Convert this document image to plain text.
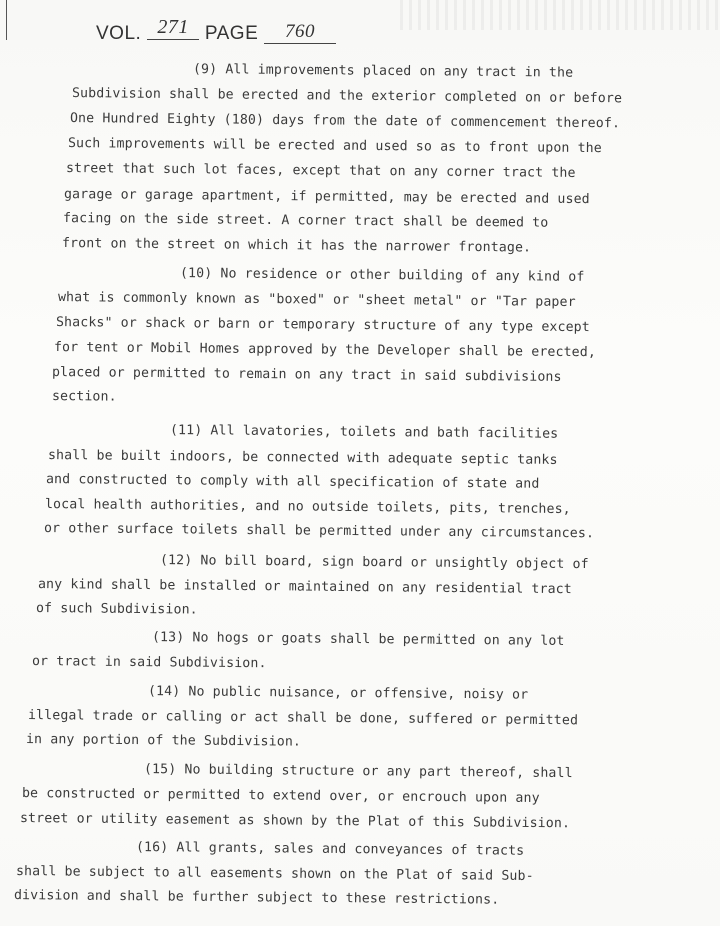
VOL. 271 PAGE 760
(9) All improvements placed on any tract in the
Subdivision shall be erected and the exterior completed on or before
One Hundred Eighty (180) days from the date of commencement thereof.
Such improvements will be erected and used so as to front upon the
street that such lot faces, except that on any corner tract the
garage or garage apartment, if permitted, may be erected and used
facing on the side street. A corner tract shall be deemed to
front on the street on which it has the narrower frontage.
(10) No residence or other building of any kind of
what is commonly known as "boxed" or "sheet metal" or "Tar paper
Shacks" or shack or barn or temporary structure of any type except
for tent or Mobil Homes approved by the Developer shall be erected,
placed or permitted to remain on any tract in said subdivisions
section.
(11) All lavatories, toilets and bath facilities
shall be built indoors, be connected with adequate septic tanks
and constructed to comply with all specification of state and
local health authorities, and no outside toilets, pits, trenches,
or other surface toilets shall be permitted under any circumstances.
(12) No bill board, sign board or unsightly object of
any kind shall be installed or maintained on any residential tract
of such Subdivision.
(13) No hogs or goats shall be permitted on any lot
or tract in said Subdivision.
(14) No public nuisance, or offensive, noisy or
illegal trade or calling or act shall be done, suffered or permitted
in any portion of the Subdivision.
(15) No building structure or any part thereof, shall
be constructed or permitted to extend over, or encrouch upon any
street or utility easement as shown by the Plat of this Subdivision.
(16) All grants, sales and conveyances of tracts
shall be subject to all easements shown on the Plat of said Sub-
division and shall be further subject to these restrictions.
